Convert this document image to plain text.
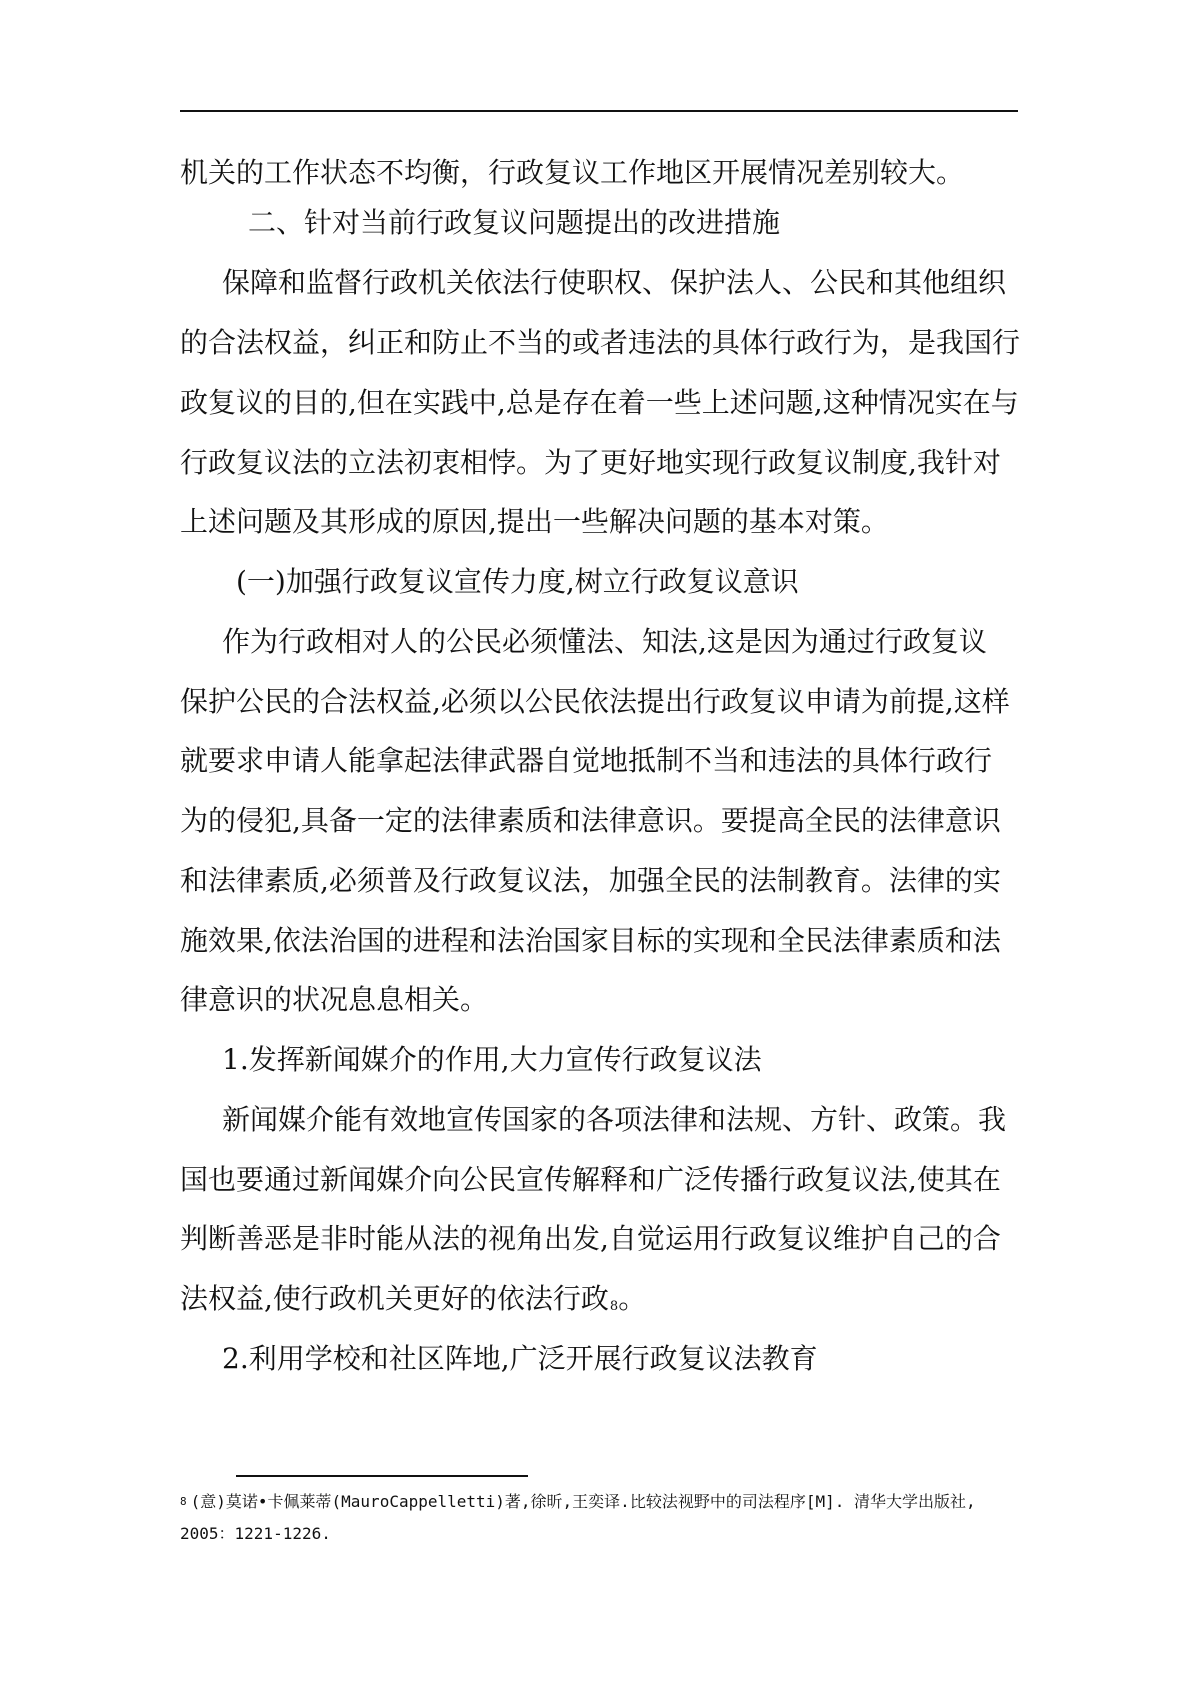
机关的工作状态不均衡，行政复议工作地区开展情况差别较大。
二、针对当前行政复议问题提出的改进措施
保障和监督行政机关依法行使职权、保护法人、公民和其他组织
的合法权益，纠正和防止不当的或者违法的具体行政行为，是我国行
政复议的目的,但在实践中,总是存在着一些上述问题,这种情况实在与
行政复议法的立法初衷相悖。为了更好地实现行政复议制度,我针对
上述问题及其形成的原因,提出一些解决问题的基本对策。
(一)加强行政复议宣传力度,树立行政复议意识
作为行政相对人的公民必须懂法、知法,这是因为通过行政复议
保护公民的合法权益,必须以公民依法提出行政复议申请为前提,这样
就要求申请人能拿起法律武器自觉地抵制不当和违法的具体行政行
为的侵犯,具备一定的法律素质和法律意识。要提高全民的法律意识
和法律素质,必须普及行政复议法，加强全民的法制教育。法律的实
施效果,依法治国的进程和法治国家目标的实现和全民法律素质和法
律意识的状况息息相关。
1.发挥新闻媒介的作用,大力宣传行政复议法
新闻媒介能有效地宣传国家的各项法律和法规、方针、政策。我
国也要通过新闻媒介向公民宣传解释和广泛传播行政复议法,使其在
判断善恶是非时能从法的视角出发,自觉运用行政复议维护自己的合
法权益,使行政机关更好的依法行政8。
2.利用学校和社区阵地,广泛开展行政复议法教育
8 (意)莫诺•卡佩莱蒂(MauroCappelletti)著,徐昕,王奕译.比较法视野中的司法程序[M]. 清华大学出版社,
2005：1221-1226.
